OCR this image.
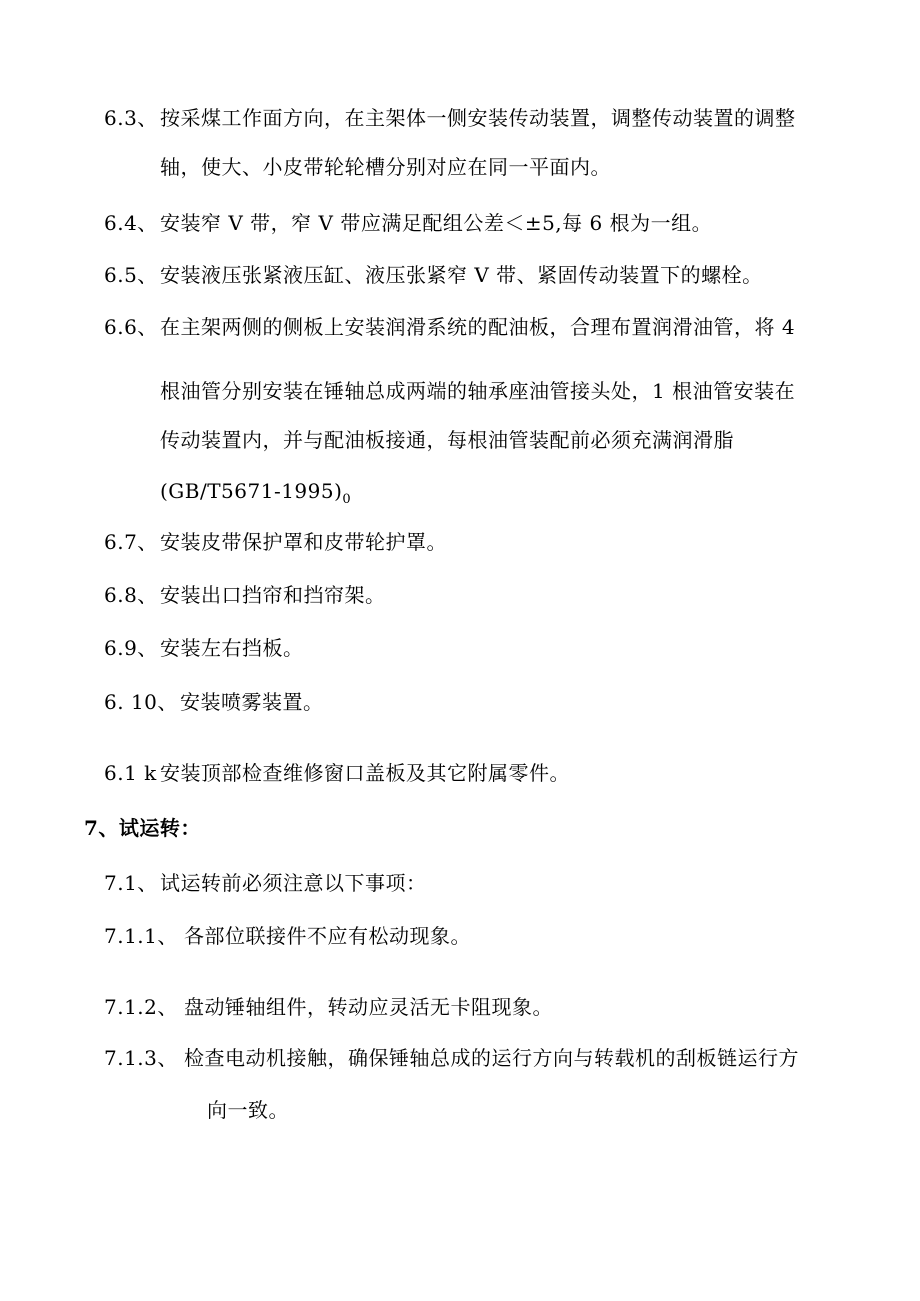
6.3、 按采煤工作面方向，在主架体一侧安装传动装置，调整传动装置的调整
轴，使大、小皮带轮轮槽分别对应在同一平面内。
6.4、 安装窄 V 带，窄 V 带应满足配组公差＜±5,每 6 根为一组。
6.5、 安装液压张紧液压缸、液压张紧窄 V 带、紧固传动装置下的螺栓。
6.6、 在主架两侧的侧板上安装润滑系统的配油板，合理布置润滑油管，将 4
根油管分别安装在锤轴总成两端的轴承座油管接头处，1 根油管安装在
传动装置内，并与配油板接通，每根油管装配前必须充满润滑脂
$(GB/T5671-1995)_0$
6.7、 安装皮带保护罩和皮带轮护罩。
6.8、 安装出口挡帘和挡帘架。
6.9、 安装左右挡板。
6. 10、 安装喷雾装置。
6.1 k 安装顶部检查维修窗口盖板及其它附属零件。
7、试运转：
7.1、 试运转前必须注意以下事项：
7.1.1、 各部位联接件不应有松动现象。
7.1.2、 盘动锤轴组件，转动应灵活无卡阻现象。
7.1.3、 检查电动机接触，确保锤轴总成的运行方向与转载机的刮板链运行方
向一致。
